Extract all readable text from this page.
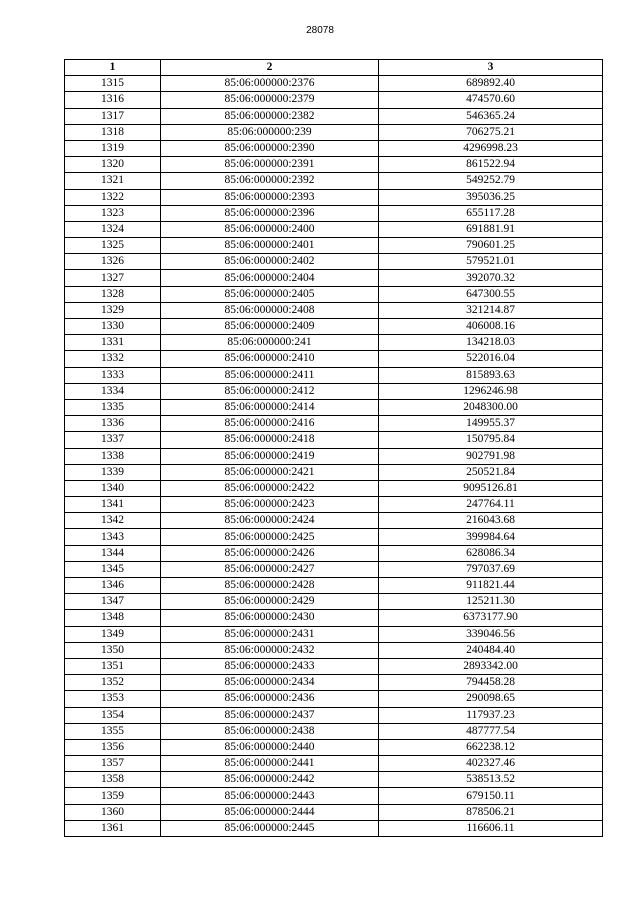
28078
1	2	3
1315	85:06:000000:2376	689892.40
1316	85:06:000000:2379	474570.60
1317	85:06:000000:2382	546365.24
1318	85:06:000000:239	706275.21
1319	85:06:000000:2390	4296998.23
1320	85:06:000000:2391	861522.94
1321	85:06:000000:2392	549252.79
1322	85:06:000000:2393	395036.25
1323	85:06:000000:2396	655117.28
1324	85:06:000000:2400	691881.91
1325	85:06:000000:2401	790601.25
1326	85:06:000000:2402	579521.01
1327	85:06:000000:2404	392070.32
1328	85:06:000000:2405	647300.55
1329	85:06:000000:2408	321214.87
1330	85:06:000000:2409	406008.16
1331	85:06:000000:241	134218.03
1332	85:06:000000:2410	522016.04
1333	85:06:000000:2411	815893.63
1334	85:06:000000:2412	1296246.98
1335	85:06:000000:2414	2048300.00
1336	85:06:000000:2416	149955.37
1337	85:06:000000:2418	150795.84
1338	85:06:000000:2419	902791.98
1339	85:06:000000:2421	250521.84
1340	85:06:000000:2422	9095126.81
1341	85:06:000000:2423	247764.11
1342	85:06:000000:2424	216043.68
1343	85:06:000000:2425	399984.64
1344	85:06:000000:2426	628086.34
1345	85:06:000000:2427	797037.69
1346	85:06:000000:2428	911821.44
1347	85:06:000000:2429	125211.30
1348	85:06:000000:2430	6373177.90
1349	85:06:000000:2431	339046.56
1350	85:06:000000:2432	240484.40
1351	85:06:000000:2433	2893342.00
1352	85:06:000000:2434	794458.28
1353	85:06:000000:2436	290098.65
1354	85:06:000000:2437	117937.23
1355	85:06:000000:2438	487777.54
1356	85:06:000000:2440	662238.12
1357	85:06:000000:2441	402327.46
1358	85:06:000000:2442	538513.52
1359	85:06:000000:2443	679150.11
1360	85:06:000000:2444	878506.21
1361	85:06:000000:2445	116606.11
